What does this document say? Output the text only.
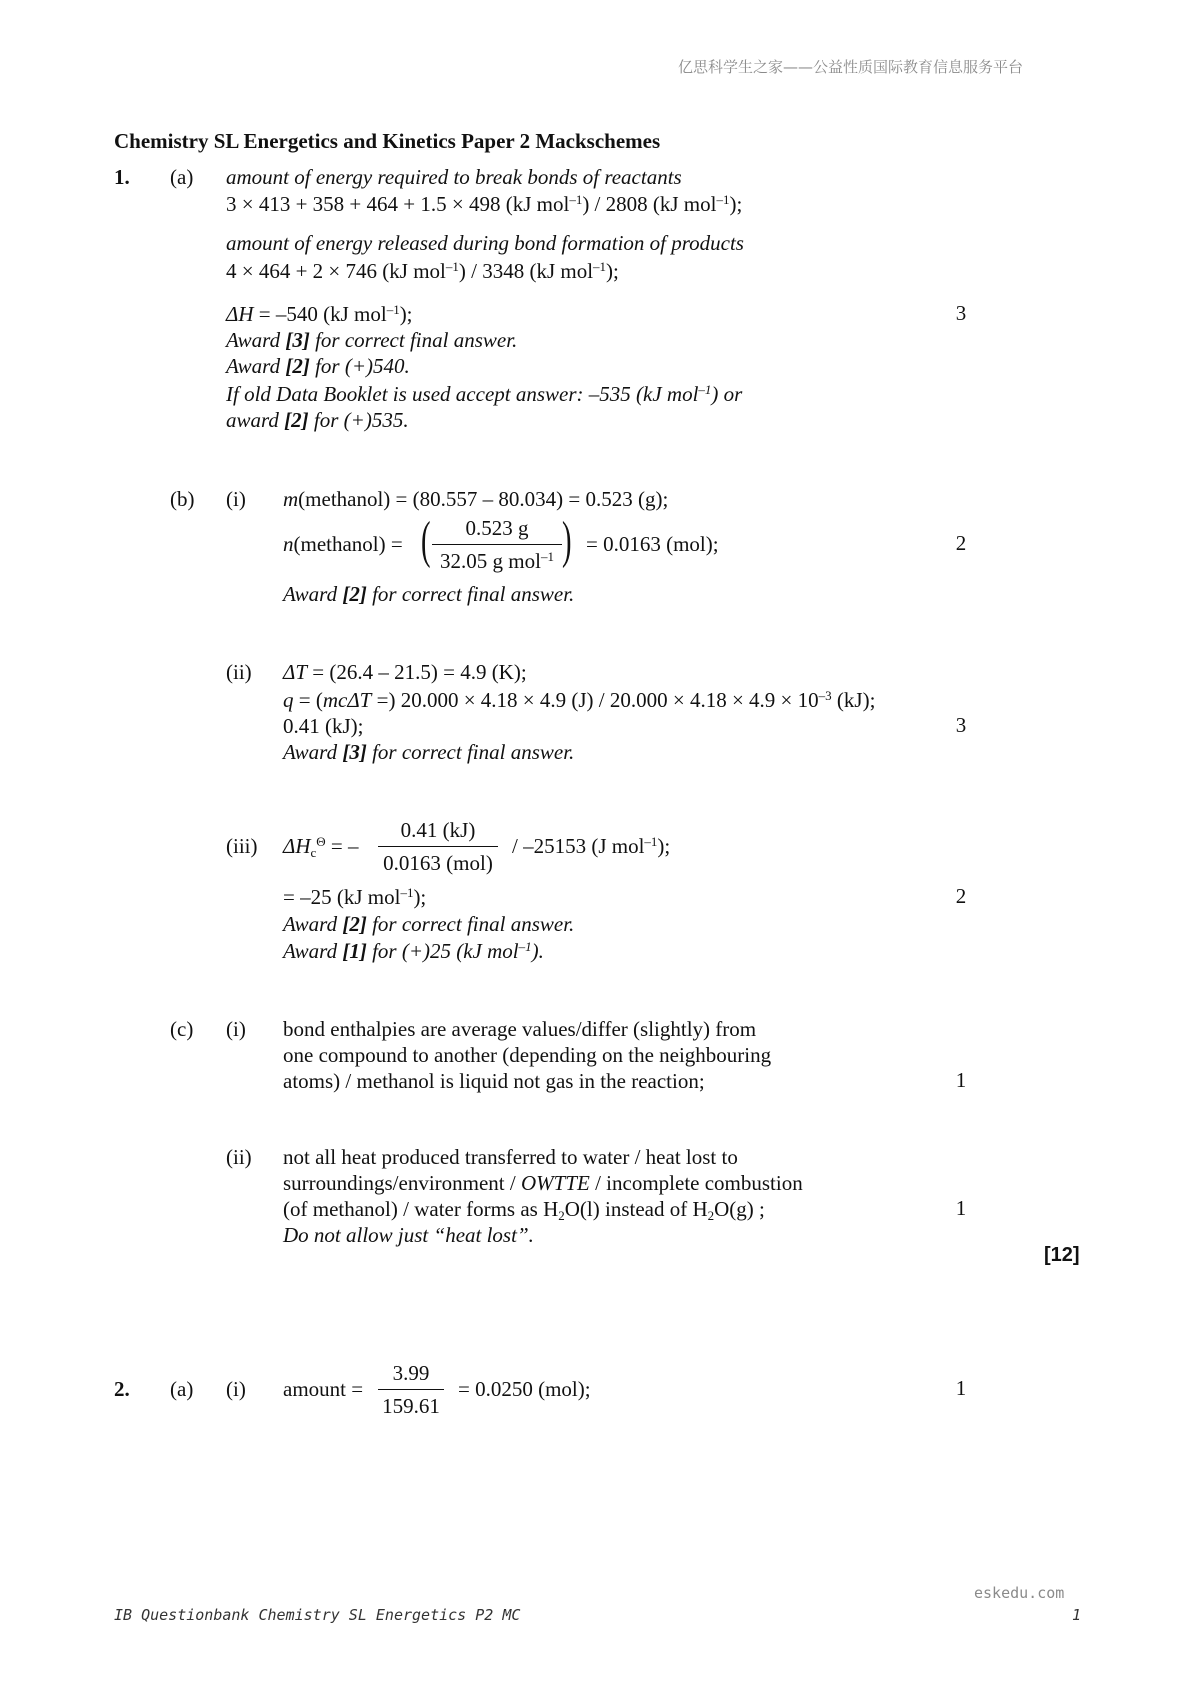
亿思科学生之家——公益性质国际教育信息服务平台
Chemistry SL Energetics and Kinetics Paper 2 Mackschemes
1. (a) amount of energy required to break bonds of reactants
3 × 413 + 358 + 464 + 1.5 × 498 (kJ mol$^{-1}$) / 2808 (kJ mol$^{-1}$);
amount of energy released during bond formation of products
4 × 464 + 2 × 746 (kJ mol$^{-1}$) / 3348 (kJ mol$^{-1}$);
ΔH = –540 (kJ mol$^{-1}$);	3
Award [3] for correct final answer.
Award [2] for (+)540.
If old Data Booklet is used accept answer: –535 (kJ mol$^{-1}$) or
award [2] for (+)535.
(b) (i) m(methanol) = (80.557 – 80.034) = 0.523 (g);
n(methanol) = (	0.523 g
32.05 g mol$^{-1}$ ) = 0.0163 (mol);	2
Award [2] for correct final answer.
(ii) ΔT = (26.4 – 21.5) = 4.9 (K);
q = (mcΔT =) 20.000 × 4.18 × 4.9 $(J) / 20.000 \times 4.18 \times 4.9 \times 10^{-3}$ (kJ);
0.41 (kJ);	3
Award [3] for correct final answer.
(iii) $\Delta H_c^\Theta$ = –
0.41 (kJ)
0.0163 (mol)
/ –25153 (J mol$^{-1}$);
= –25 (kJ mol$^{-1}$);	2
Award [2] for correct final answer.
Award [1] for (+)25 (kJ mol$^{-1}$).
(c) (i) bond enthalpies are average values/differ (slightly) from
one compound to another (depending on the neighbouring
atoms) / methanol is liquid not gas in the reaction;	1
(ii) not all heat produced transferred to water / heat lost to
surroundings/environment / OWTTE / incomplete combustion
(of methanol) / water forms as $H_2O(l)$ instead of $H_2O(g)$ ;	1
Do not allow just “heat lost”.
[12]
2. (a) (i) amount =
3.99
159.61
= 0.0250 (mol);	1
eskedu.com
IB Questionbank Chemistry SL Energetics P2 MC	1
